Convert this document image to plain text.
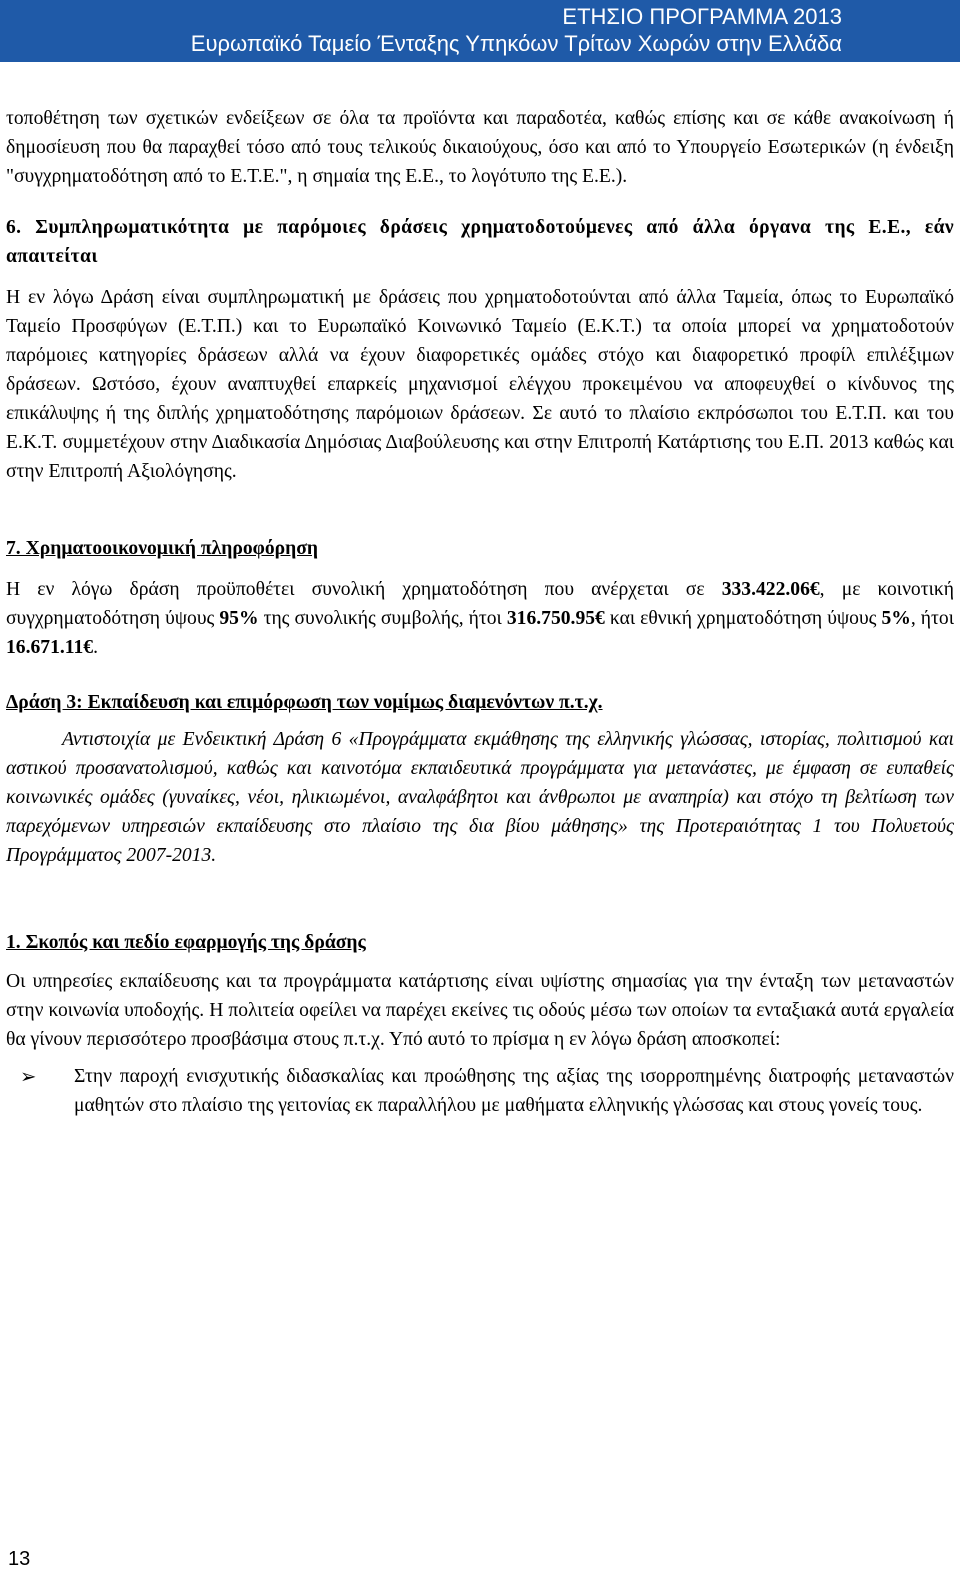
ΕΤΗΣΙΟ ΠΡΟΓΡΑΜΜΑ 2013
Ευρωπαϊκό Ταμείο Ένταξης Υπηκόων Τρίτων Χωρών στην Ελλάδα

τοποθέτηση των σχετικών ενδείξεων σε όλα τα προϊόντα και παραδοτέα, καθώς επίσης και σε κάθε ανακοίνωση ή δημοσίευση που θα παραχθεί τόσο από τους τελικούς δικαιούχους, όσο και από το Υπουργείο Εσωτερικών (η ένδειξη "συγχρηματοδότηση από το Ε.Τ.Ε.", η σημαία της Ε.Ε., το λογότυπο της Ε.Ε.).

6. Συμπληρωματικότητα με παρόμοιες δράσεις χρηματοδοτούμενες από άλλα όργανα της Ε.Ε., εάν απαιτείται

Η εν λόγω Δράση είναι συμπληρωματική με δράσεις που χρηματοδοτούνται από άλλα Ταμεία, όπως το Ευρωπαϊκό Ταμείο Προσφύγων (Ε.Τ.Π.) και το Ευρωπαϊκό Κοινωνικό Ταμείο (Ε.Κ.Τ.) τα οποία μπορεί να χρηματοδοτούν παρόμοιες κατηγορίες δράσεων αλλά να έχουν διαφορετικές ομάδες στόχο και διαφορετικό προφίλ επιλέξιμων δράσεων. Ωστόσο, έχουν αναπτυχθεί επαρκείς μηχανισμοί ελέγχου προκειμένου να αποφευχθεί ο κίνδυνος της επικάλυψης ή της διπλής χρηματοδότησης παρόμοιων δράσεων. Σε αυτό το πλαίσιο εκπρόσωποι του Ε.Τ.Π. και του Ε.Κ.Τ. συμμετέχουν στην Διαδικασία Δημόσιας Διαβούλευσης και στην Επιτροπή Κατάρτισης του Ε.Π. 2013 καθώς και στην Επιτροπή Αξιολόγησης.

7. Χρηματοοικονομική πληροφόρηση

Η εν λόγω δράση προϋποθέτει συνολική χρηματοδότηση που ανέρχεται σε 333.422.06€, με κοινοτική συγχρηματοδότηση ύψους 95% της συνολικής συμβολής, ήτοι 316.750.95€ και εθνική χρηματοδότηση ύψους 5%, ήτοι 16.671.11€.

Δράση 3: Εκπαίδευση και επιμόρφωση των νομίμως διαμενόντων π.τ.χ.

Αντιστοιχία με Ενδεικτική Δράση 6 «Προγράμματα εκμάθησης της ελληνικής γλώσσας, ιστορίας, πολιτισμού και αστικού προσανατολισμού, καθώς και καινοτόμα εκπαιδευτικά προγράμματα για μετανάστες, με έμφαση σε ευπαθείς κοινωνικές ομάδες (γυναίκες, νέοι, ηλικιωμένοι, αναλφάβητοι και άνθρωποι με αναπηρία) και στόχο τη βελτίωση των παρεχόμενων υπηρεσιών εκπαίδευσης στο πλαίσιο της δια βίου μάθησης» της Προτεραιότητας 1 του Πολυετούς Προγράμματος 2007-2013.

1. Σκοπός και πεδίο εφαρμογής της δράσης

Οι υπηρεσίες εκπαίδευσης και τα προγράμματα κατάρτισης είναι υψίστης σημασίας για την ένταξη των μεταναστών στην κοινωνία υποδοχής. Η πολιτεία οφείλει να παρέχει εκείνες τις οδούς μέσω των οποίων τα ενταξιακά αυτά εργαλεία θα γίνουν περισσότερο προσβάσιμα στους π.τ.χ. Υπό αυτό το πρίσμα η εν λόγω δράση αποσκοπεί:

➢	Στην παροχή ενισχυτικής διδασκαλίας και προώθησης της αξίας της ισορροπημένης διατροφής μεταναστών μαθητών στο πλαίσιο της γειτονίας εκ παραλλήλου με μαθήματα ελληνικής γλώσσας και στους γονείς τους.
13
